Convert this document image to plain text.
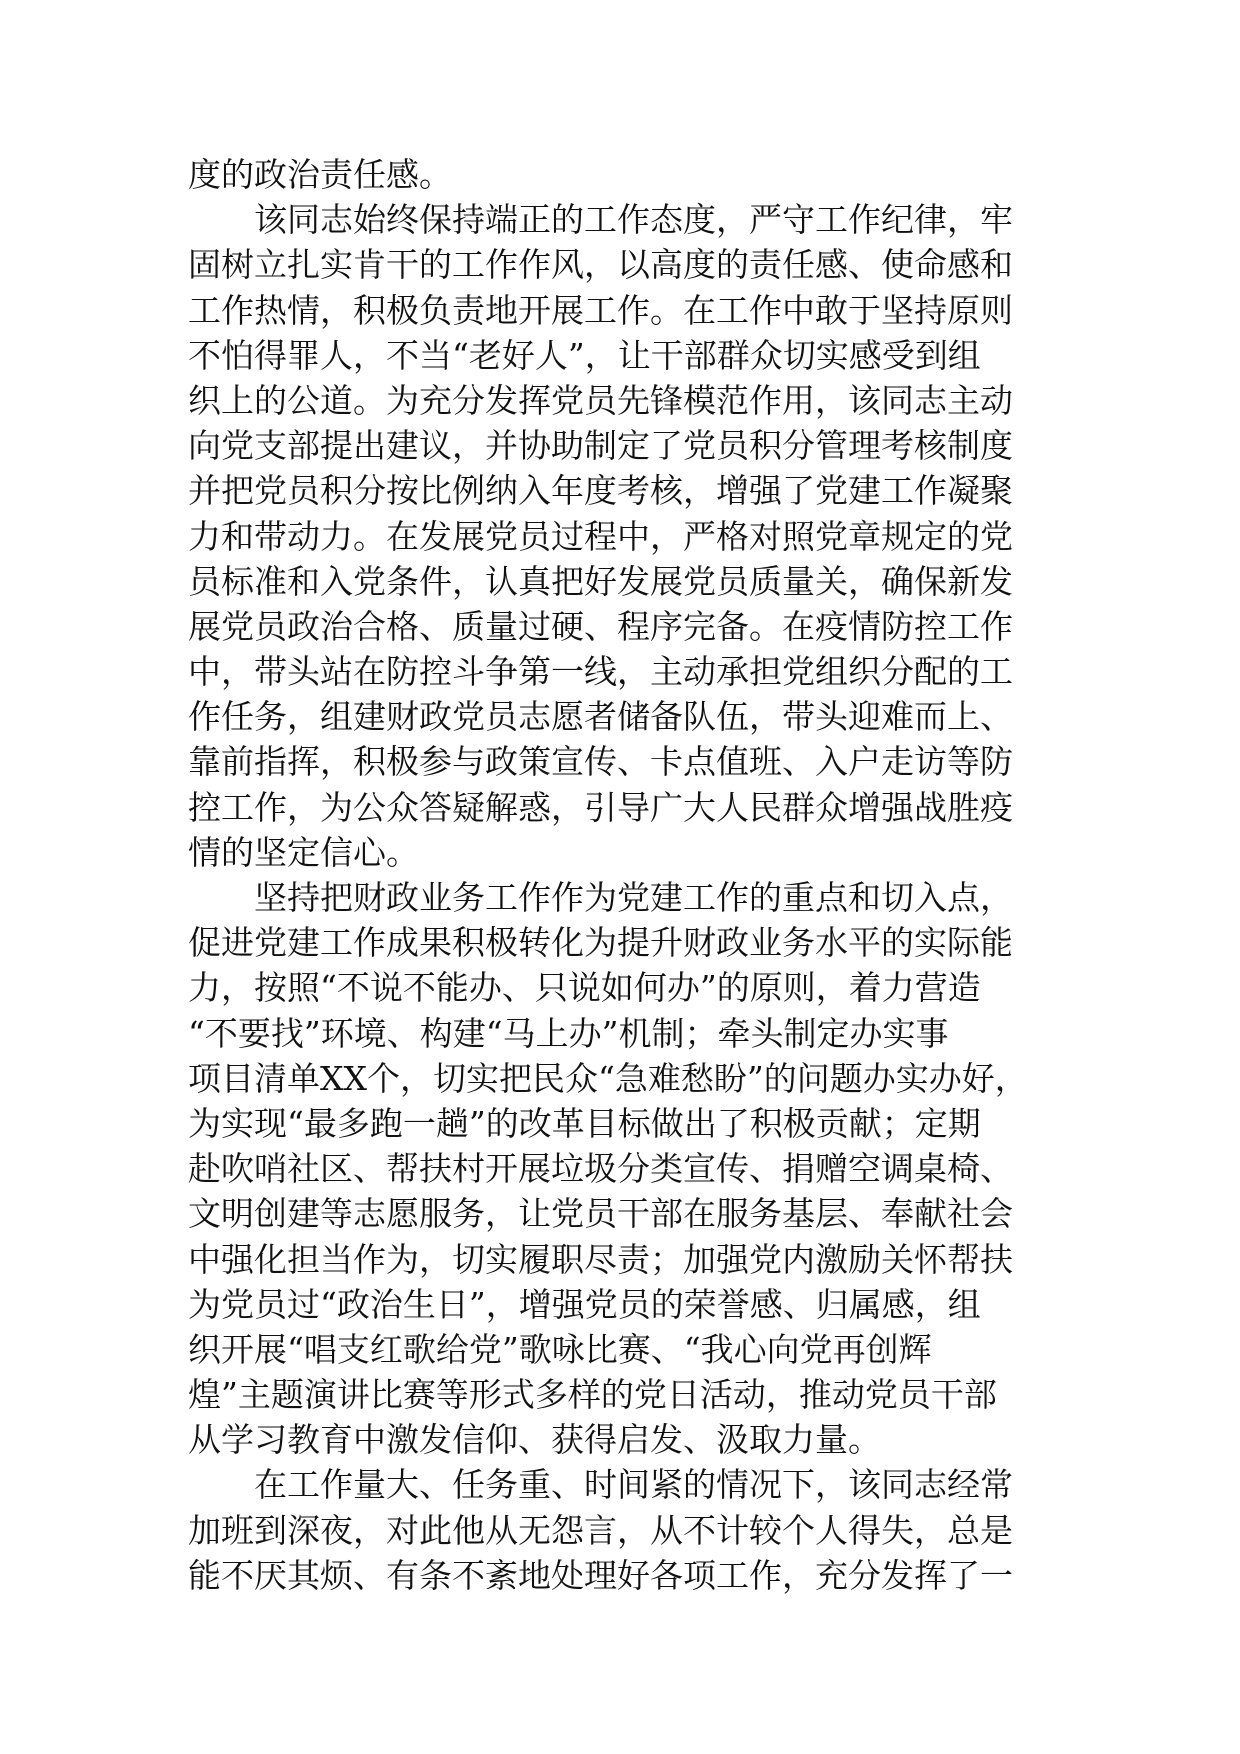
度的政治责任感。
该同志始终保持端正的工作态度，严守工作纪律，牢
固树立扎实肯干的工作作风，以高度的责任感、使命感和
工作热情，积极负责地开展工作。在工作中敢于坚持原则
不怕得罪人，不当“老好人”，让干部群众切实感受到组
织上的公道。为充分发挥党员先锋模范作用，该同志主动
向党支部提出建议，并协助制定了党员积分管理考核制度
并把党员积分按比例纳入年度考核，增强了党建工作凝聚
力和带动力。在发展党员过程中，严格对照党章规定的党
员标准和入党条件，认真把好发展党员质量关，确保新发
展党员政治合格、质量过硬、程序完备。在疫情防控工作
中，带头站在防控斗争第一线，主动承担党组织分配的工
作任务，组建财政党员志愿者储备队伍，带头迎难而上、
靠前指挥，积极参与政策宣传、卡点值班、入户走访等防
控工作，为公众答疑解惑，引导广大人民群众增强战胜疫
情的坚定信心。
坚持把财政业务工作作为党建工作的重点和切入点，
促进党建工作成果积极转化为提升财政业务水平的实际能
力，按照“不说不能办、只说如何办”的原则，着力营造
“不要找”环境、构建“马上办”机制；牵头制定办实事
项目清单XX个，切实把民众“急难愁盼”的问题办实办好，
为实现“最多跑一趟”的改革目标做出了积极贡献；定期
赴吹哨社区、帮扶村开展垃圾分类宣传、捐赠空调桌椅、
文明创建等志愿服务，让党员干部在服务基层、奉献社会
中强化担当作为，切实履职尽责；加强党内激励关怀帮扶
为党员过“政治生日”，增强党员的荣誉感、归属感，组
织开展“唱支红歌给党”歌咏比赛、“我心向党再创辉
煌”主题演讲比赛等形式多样的党日活动，推动党员干部
从学习教育中激发信仰、获得启发、汲取力量。
在工作量大、任务重、时间紧的情况下，该同志经常
加班到深夜，对此他从无怨言，从不计较个人得失，总是
能不厌其烦、有条不紊地处理好各项工作，充分发挥了一
